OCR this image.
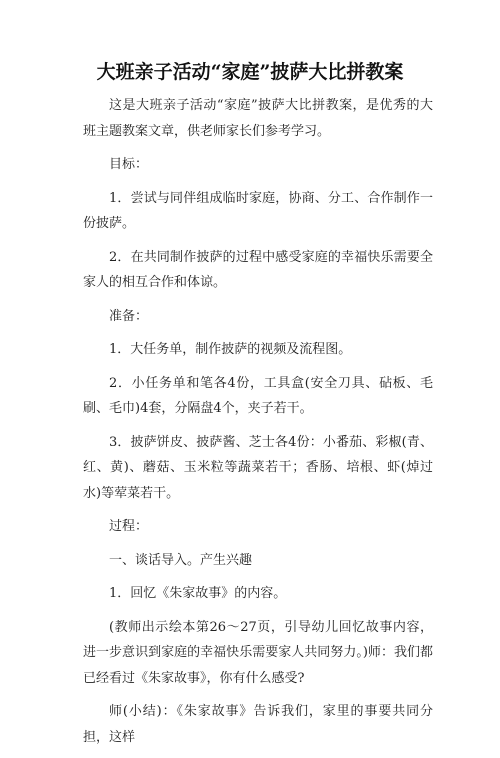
大班亲子活动“家庭”披萨大比拼教案

这是大班亲子活动“家庭”披萨大比拼教案，是优秀的大班主题教案文章，供老师家长们参考学习。

目标：

1．尝试与同伴组成临时家庭，协商、分工、合作制作一份披萨。

2．在共同制作披萨的过程中感受家庭的幸福快乐需要全家人的相互合作和体谅。

准备：

1．大任务单，制作披萨的视频及流程图。

2．小任务单和笔各4份，工具盒(安全刀具、砧板、毛刷、毛巾)4套，分隔盘4个，夹子若干。

3．披萨饼皮、披萨酱、芝士各4份：小番茄、彩椒(青、红、黄)、蘑菇、玉米粒等蔬菜若干；香肠、培根、虾(焯过水)等荤菜若干。

过程：

一、谈话导入。产生兴趣

1．回忆《朱家故事》的内容。

(教师出示绘本第26～27页，引导幼儿回忆故事内容，进一步意识到家庭的幸福快乐需要家人共同努力。)师：我们都已经看过《朱家故事》，你有什么感受?

师(小结)：《朱家故事》告诉我们，家里的事要共同分担，这样
